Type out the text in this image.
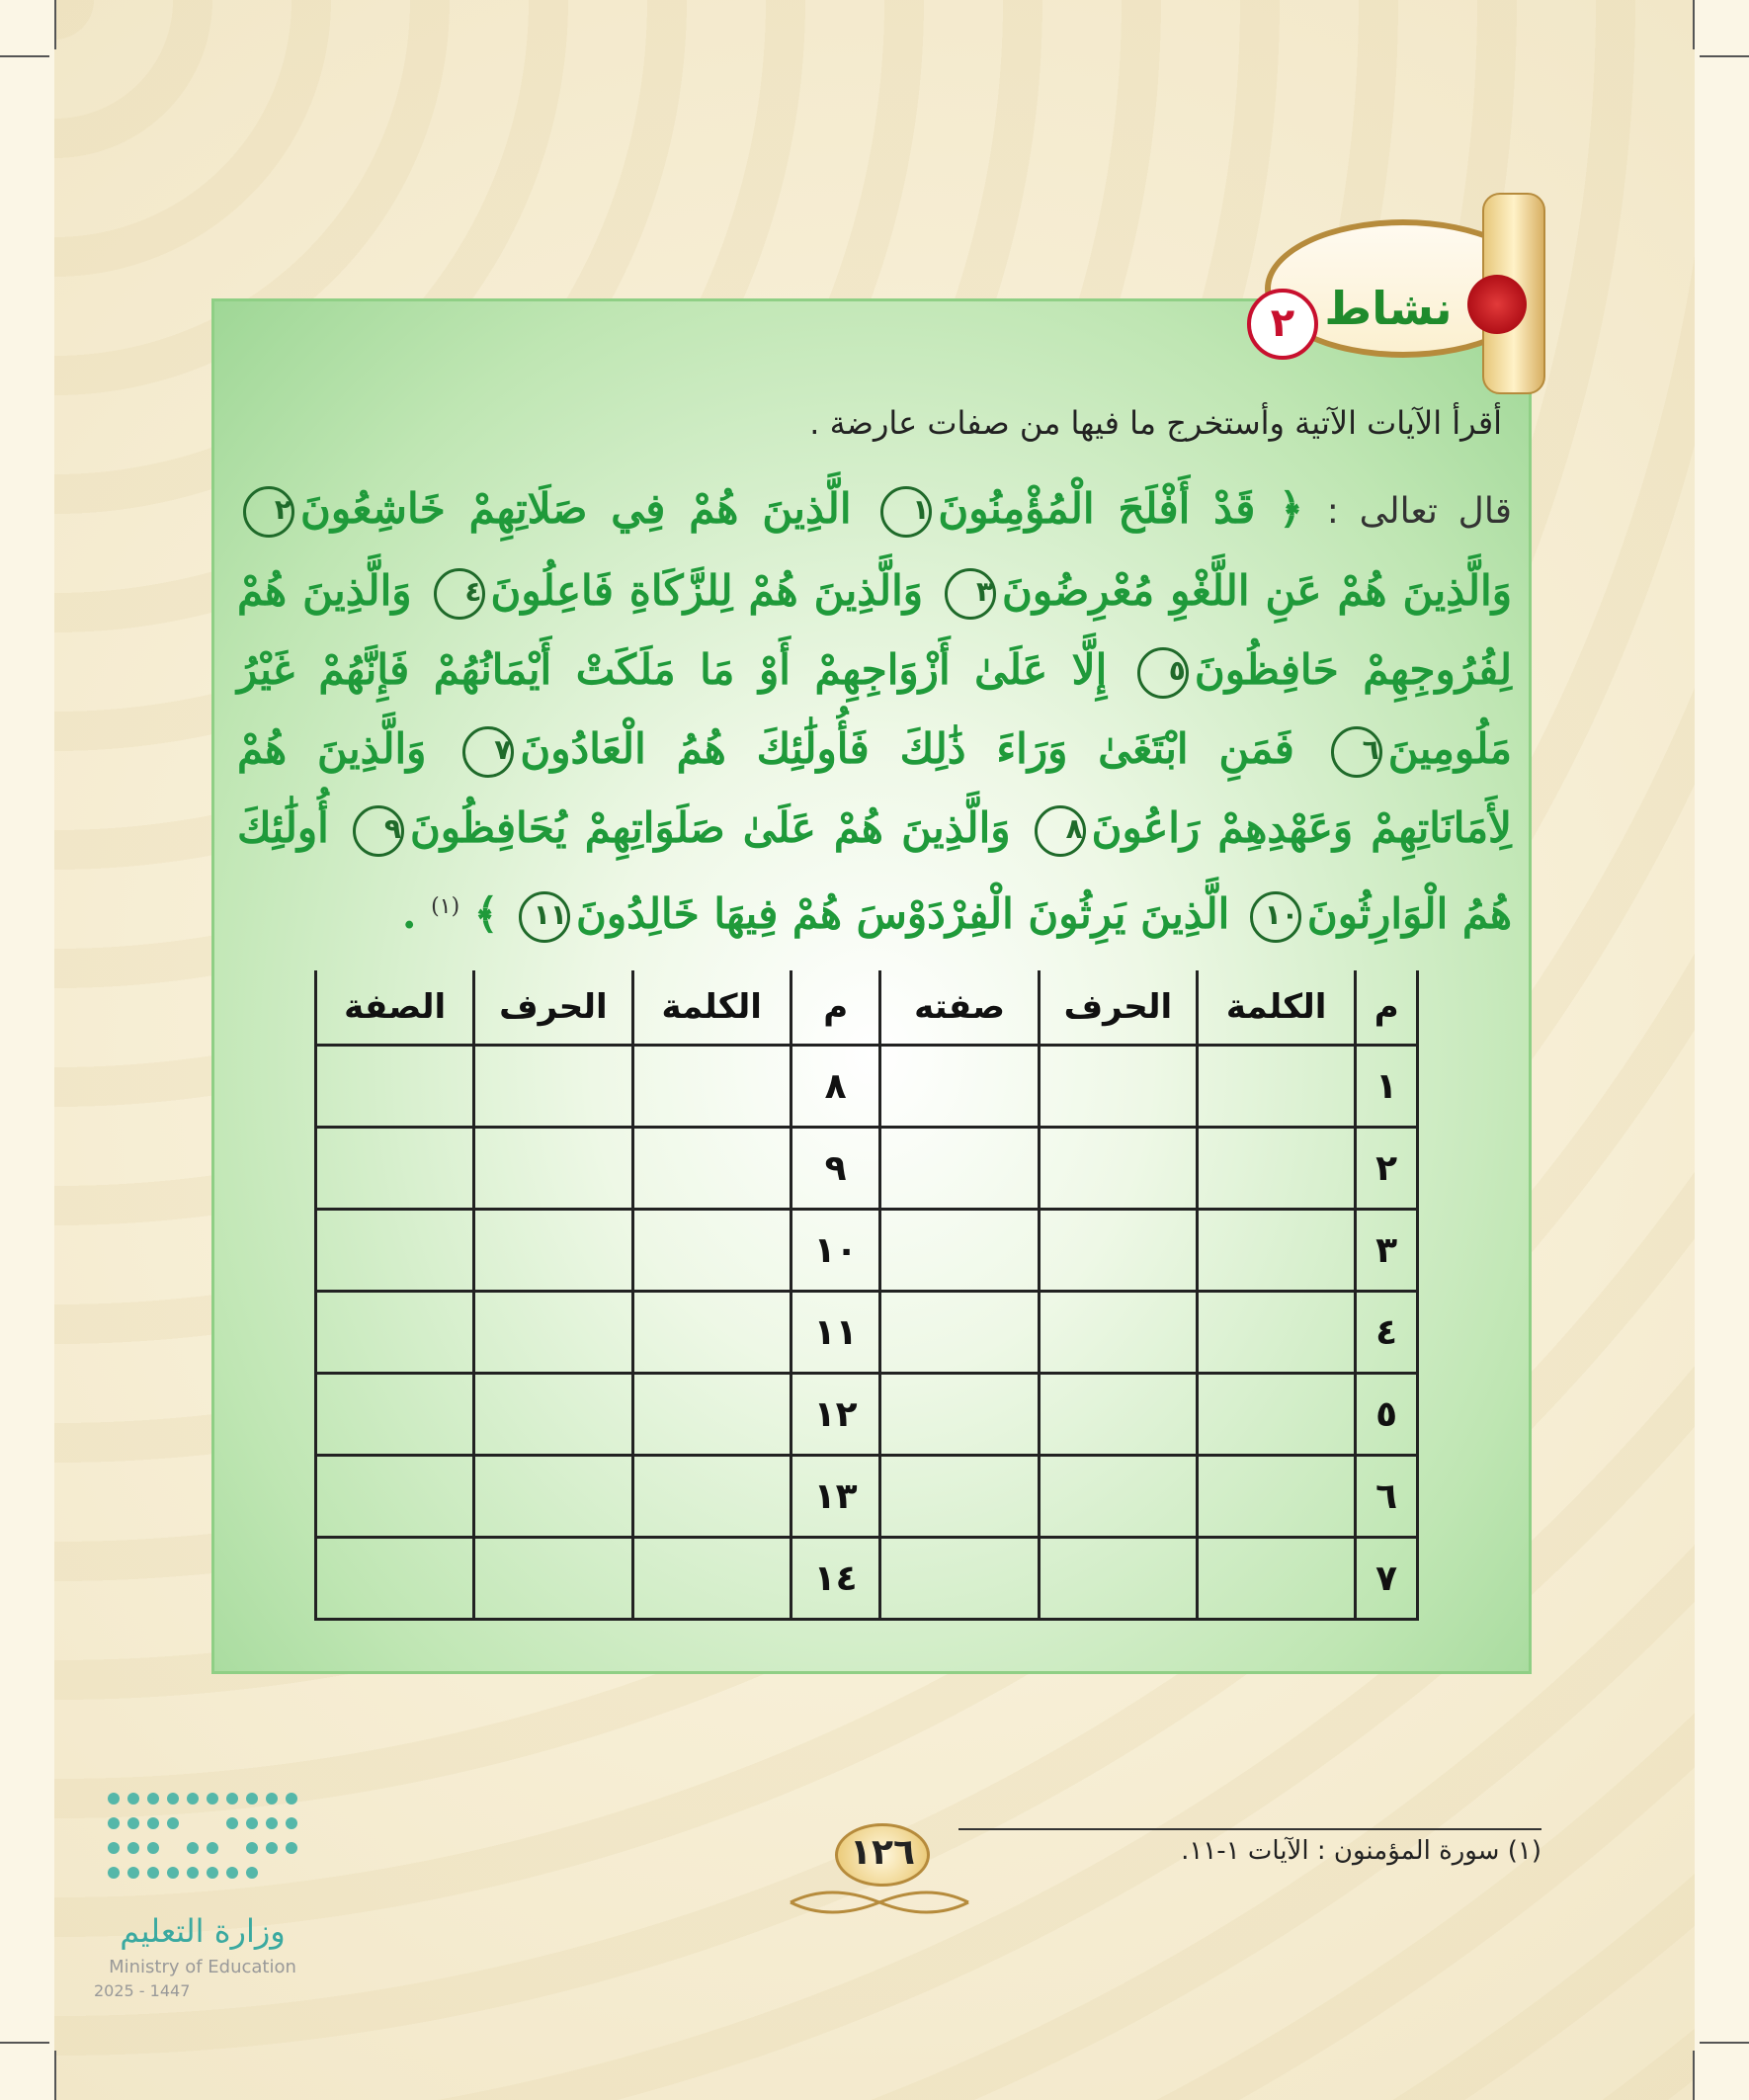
نشاط
٢
أقرأ الآيات الآتية وأستخرج ما فيها من صفات عارضة .
قال تعالى : ﴿ قَدْ أَفْلَحَ الْمُؤْمِنُونَ١ الَّذِينَ هُمْ فِي صَلَاتِهِمْ خَاشِعُونَ٢ وَالَّذِينَ هُمْ عَنِ اللَّغْوِ مُعْرِضُونَ٣ وَالَّذِينَ هُمْ لِلزَّكَاةِ فَاعِلُونَ٤ وَالَّذِينَ هُمْ لِفُرُوجِهِمْ حَافِظُونَ٥ إِلَّا عَلَىٰ أَزْوَاجِهِمْ أَوْ مَا مَلَكَتْ أَيْمَانُهُمْ فَإِنَّهُمْ غَيْرُ مَلُومِينَ٦ فَمَنِ ابْتَغَىٰ وَرَاءَ ذَٰلِكَ فَأُولَٰئِكَ هُمُ الْعَادُونَ٧ وَالَّذِينَ هُمْ لِأَمَانَاتِهِمْ وَعَهْدِهِمْ رَاعُونَ٨ وَالَّذِينَ هُمْ عَلَىٰ صَلَوَاتِهِمْ يُحَافِظُونَ٩ أُولَٰئِكَ هُمُ الْوَارِثُونَ١٠ الَّذِينَ يَرِثُونَ الْفِرْدَوْسَ هُمْ فِيهَا خَالِدُونَ١١ ﴾ $^{(١)}$ .
م	الكلمة	الحرف	صفته	م	الكلمة	الحرف	الصفة
١				٨			
٢				٩			
٣				١٠			
٤				١١			
٥				١٢			
٦				١٣			
٧				١٤			
(١) سورة المؤمنون : الآيات ١-١١.
١٢٦
وزارة التعليم
Ministry of Education
2025 - 1447
